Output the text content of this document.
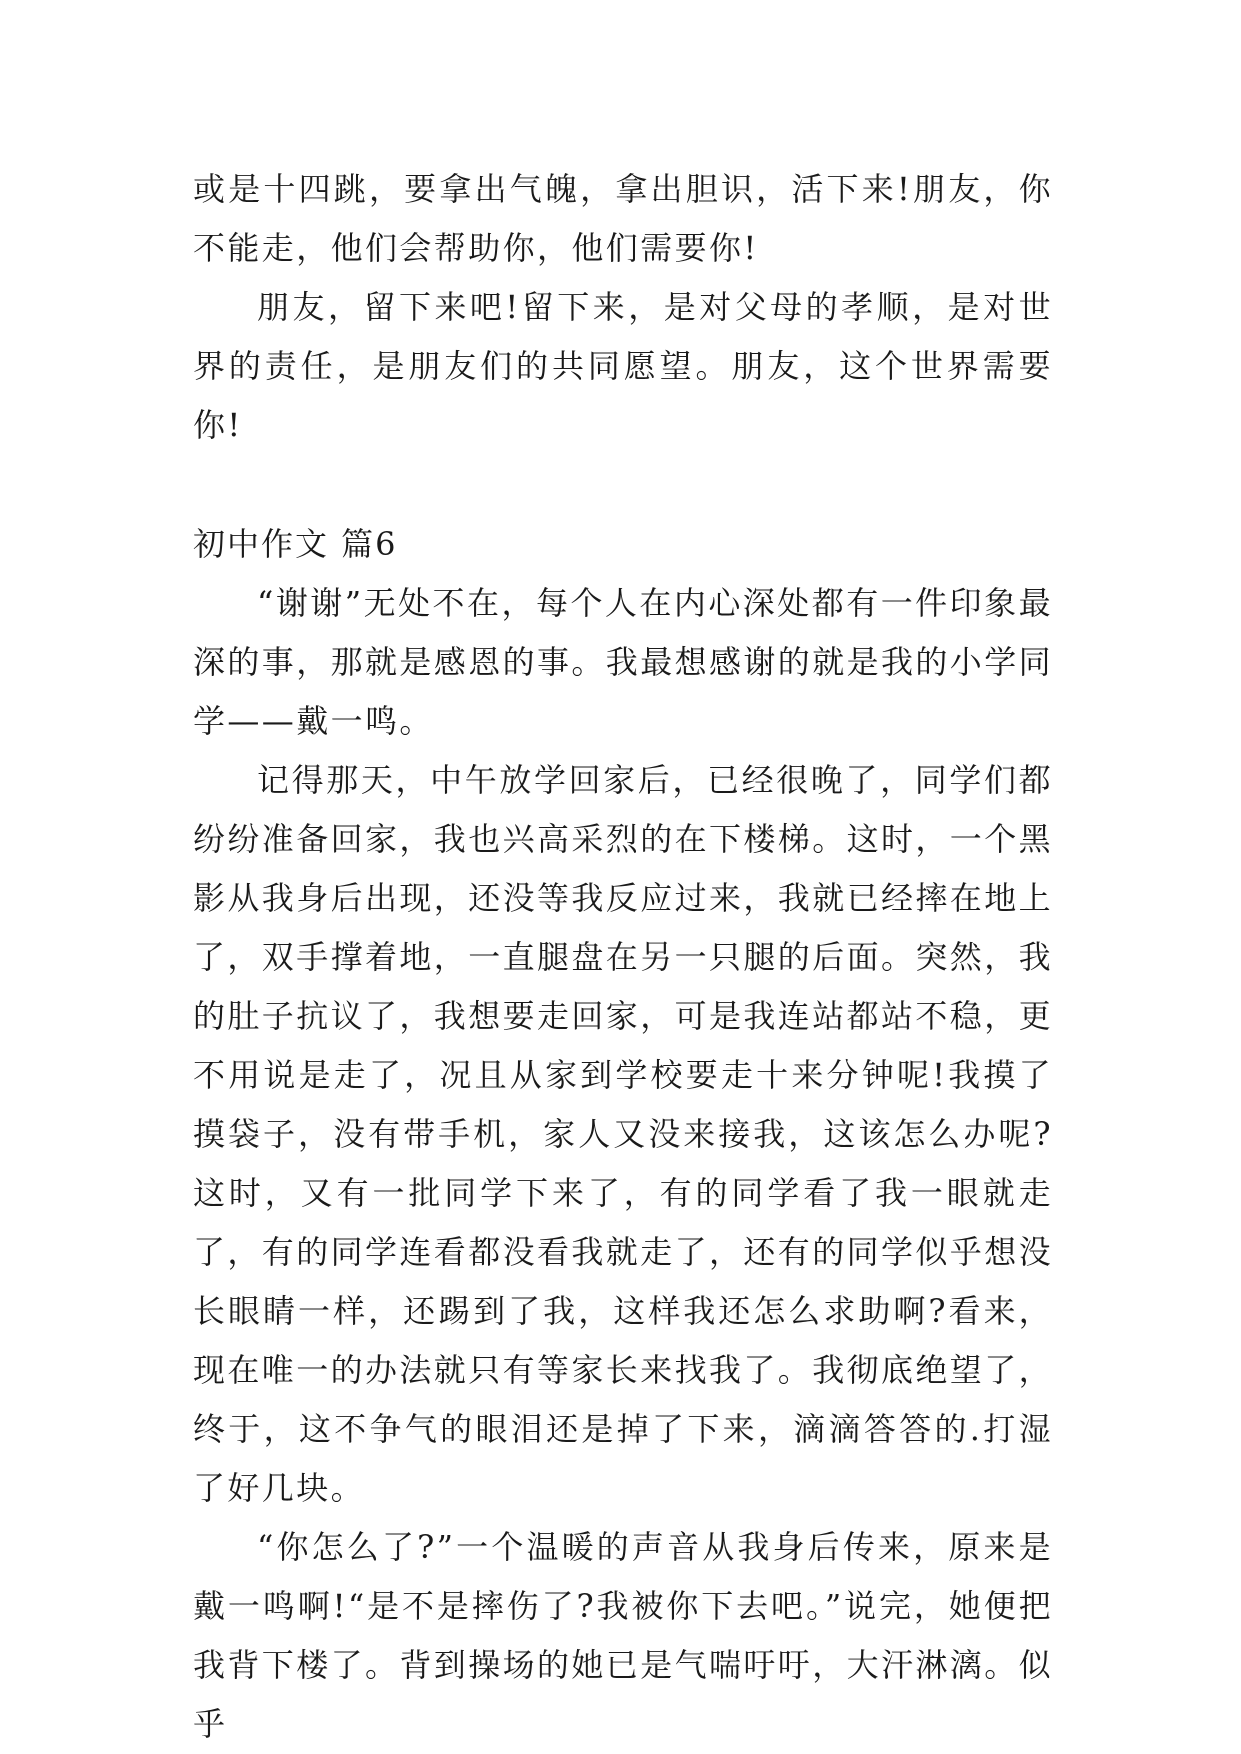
或是十四跳，要拿出气魄，拿出胆识，活下来!朋友，你不能走，他们会帮助你，他们需要你!

朋友，留下来吧!留下来，是对父母的孝顺，是对世界的责任，是朋友们的共同愿望。朋友，这个世界需要你!

初中作文 篇6

“谢谢”无处不在，每个人在内心深处都有一件印象最深的事，那就是感恩的事。我最想感谢的就是我的小学同学——戴一鸣。

记得那天，中午放学回家后，已经很晚了，同学们都纷纷准备回家，我也兴高采烈的在下楼梯。这时，一个黑影从我身后出现，还没等我反应过来，我就已经摔在地上了，双手撑着地，一直腿盘在另一只腿的后面。突然，我的肚子抗议了，我想要走回家，可是我连站都站不稳，更不用说是走了，况且从家到学校要走十来分钟呢!我摸了摸袋子，没有带手机，家人又没来接我，这该怎么办呢?这时，又有一批同学下来了，有的同学看了我一眼就走了，有的同学连看都没看我就走了，还有的同学似乎想没长眼睛一样，还踢到了我，这样我还怎么求助啊?看来，现在唯一的办法就只有等家长来找我了。我彻底绝望了，终于，这不争气的眼泪还是掉了下来，滴滴答答的.打湿了好几块。

“你怎么了?”一个温暖的声音从我身后传来，原来是戴一鸣啊!“是不是摔伤了?我被你下去吧。”说完，她便把我背下楼了。背到操场的她已是气喘吁吁，大汗淋漓。似乎
